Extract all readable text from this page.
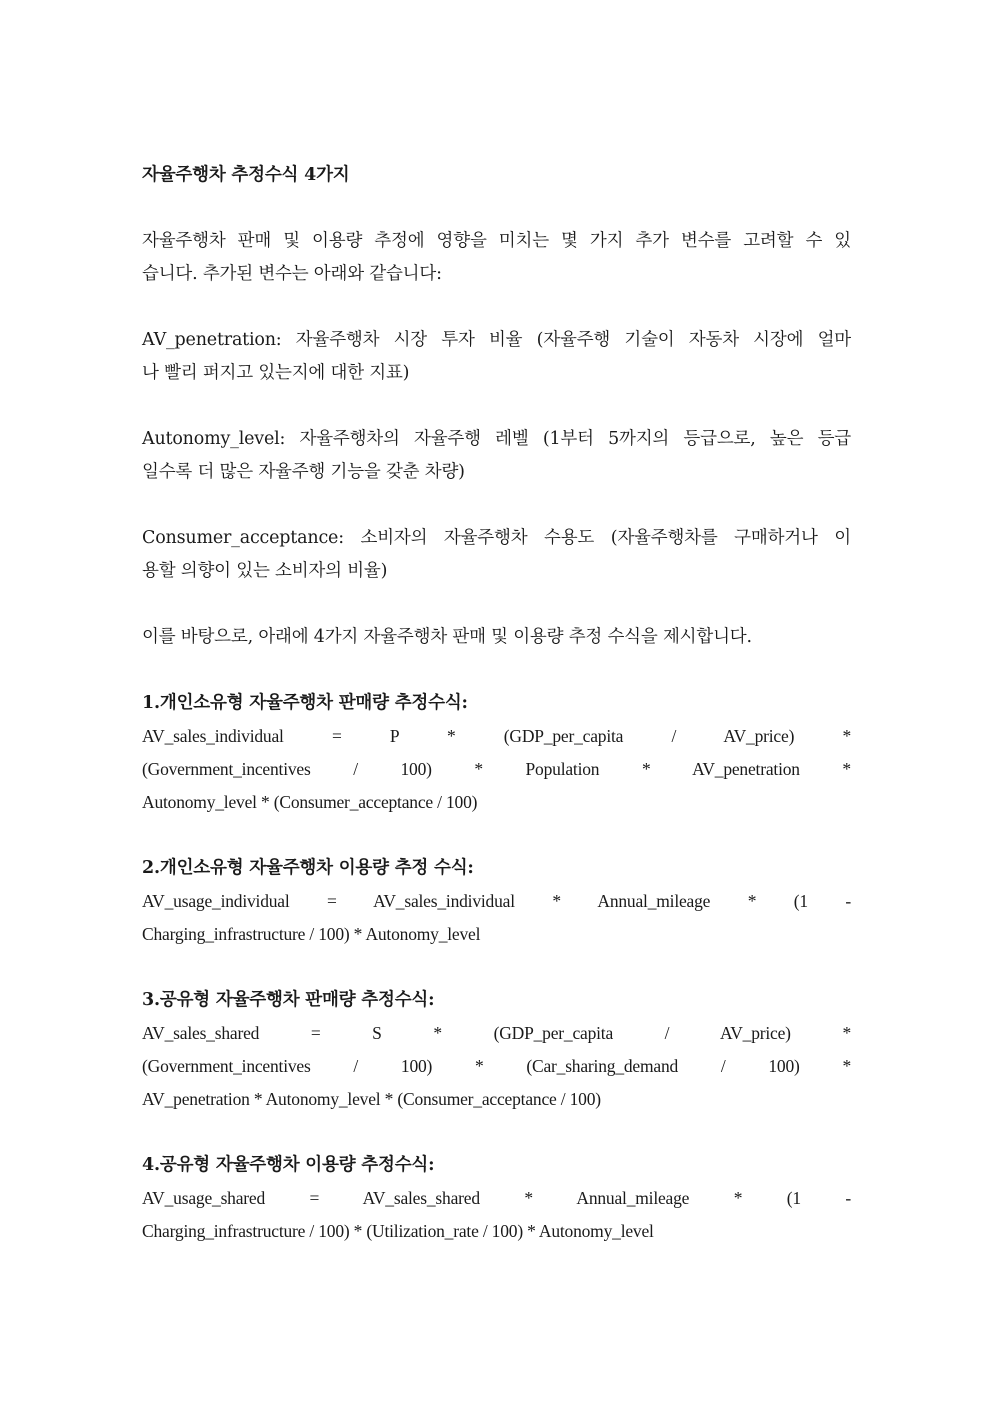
자율주행차 추정수식 4가지
자율주행차 판매 및 이용량 추정에 영향을 미치는 몇 가지 추가 변수를 고려할 수 있
습니다. 추가된 변수는 아래와 같습니다:
AV_penetration: 자율주행차 시장 투자 비율 (자율주행 기술이 자동차 시장에 얼마
나 빨리 퍼지고 있는지에 대한 지표)
Autonomy_level: 자율주행차의 자율주행 레벨 (1부터 5까지의 등급으로, 높은 등급
일수록 더 많은 자율주행 기능을 갖춘 차량)
Consumer_acceptance: 소비자의 자율주행차 수용도 (자율주행차를 구매하거나 이
용할 의향이 있는 소비자의 비율)
이를 바탕으로, 아래에 4가지 자율주행차 판매 및 이용량 추정 수식을 제시합니다.
1.개인소유형 자율주행차 판매량 추정수식:
AV_sales_individual = P * (GDP_per_capita / AV_price) *
(Government_incentives / 100) * Population * AV_penetration *
Autonomy_level * (Consumer_acceptance / 100)
2.개인소유형 자율주행차 이용량 추정 수식:
AV_usage_individual = AV_sales_individual * Annual_mileage * (1 -
Charging_infrastructure / 100) * Autonomy_level
3.공유형 자율주행차 판매량 추정수식:
AV_sales_shared = S * (GDP_per_capita / AV_price) *
(Government_incentives / 100) * (Car_sharing_demand / 100) *
AV_penetration * Autonomy_level * (Consumer_acceptance / 100)
4.공유형 자율주행차 이용량 추정수식:
AV_usage_shared = AV_sales_shared * Annual_mileage * (1 -
Charging_infrastructure / 100) * (Utilization_rate / 100) * Autonomy_level
